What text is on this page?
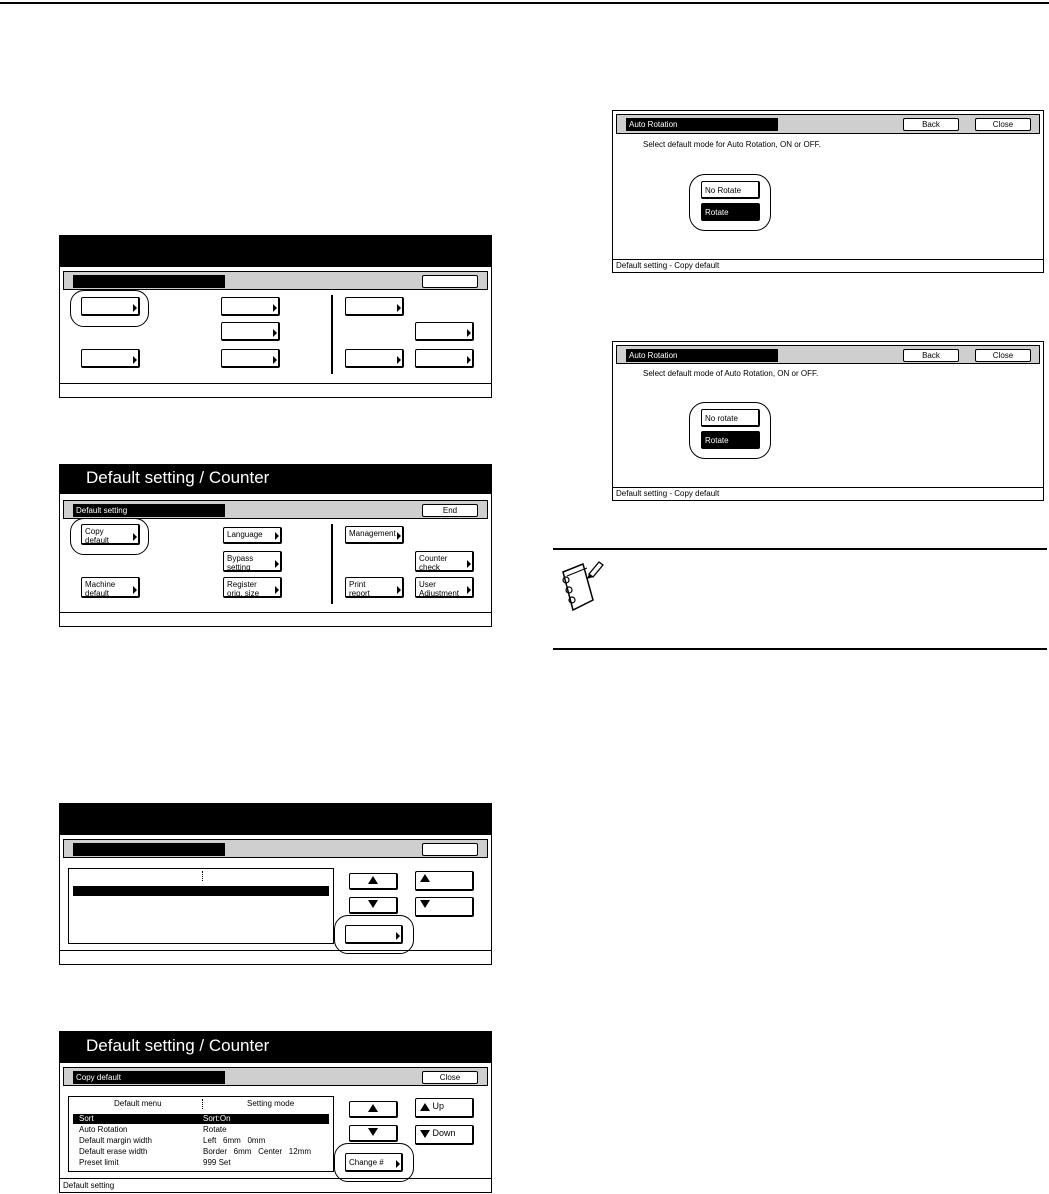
Default setting / Counter
Default setting	End
Copy
default
Machine
default
Language
Bypass
setting
Register
orig. size
Management
Counter
check
Print
report
User
Adjustment
Default setting / Counter
Copy default	Close
Default menu	Setting mode
Sort	Sort:On
Auto Rotation	Rotate
Default margin width	Left   6mm   0mm
Default erase width	Border   6mm   Center   12mm
Preset limit	999 Set
Up
Down
Change #
Default setting
Auto Rotation	Back	Close
Select default mode for Auto Rotation, ON or OFF.
No Rotate
Rotate
Default setting - Copy default
Auto Rotation	Back	Close
Select default mode of Auto Rotation, ON or OFF.
No rotate
Rotate
Default setting - Copy default
